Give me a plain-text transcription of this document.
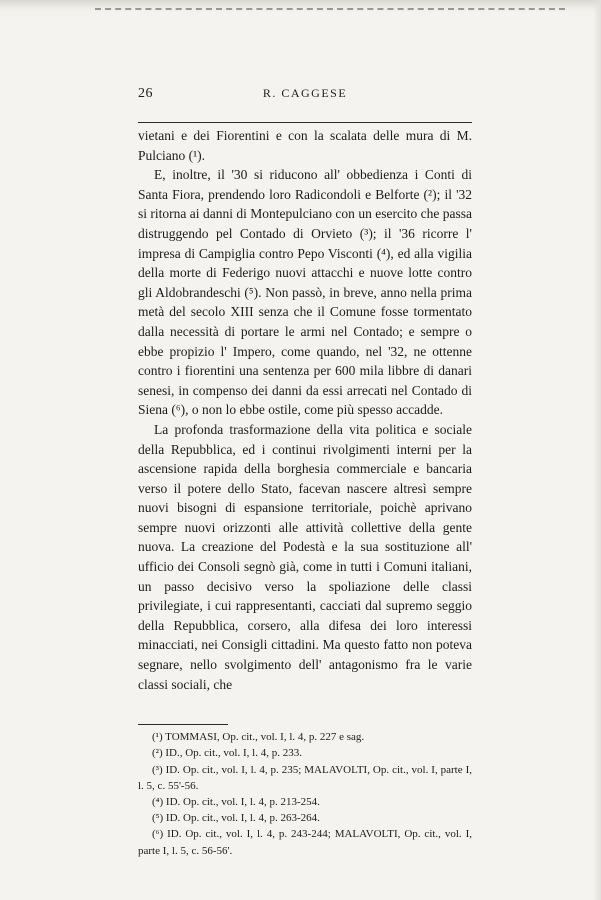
26	R. CAGGESE

vietani e dei Fiorentini e con la scalata delle mura di M. Pulciano (¹).

E, inoltre, il '30 si riducono all' obbedienza i Conti di Santa Fiora, prendendo loro Radicondoli e Belforte (²); il '32 si ritorna ai danni di Montepulciano con un esercito che passa distruggendo pel Contado di Orvieto (³); il '36 ricorre l' impresa di Campiglia contro Pepo Visconti (⁴), ed alla vigilia della morte di Federigo nuovi attacchi e nuove lotte contro gli Aldobrandeschi (⁵). Non passò, in breve, anno nella prima metà del secolo XIII senza che il Comune fosse tormentato dalla necessità di portare le armi nel Contado; e sempre o ebbe propizio l' Impero, come quando, nel '32, ne ottenne contro i fiorentini una sentenza per 600 mila libbre di danari senesi, in compenso dei danni da essi arrecati nel Contado di Siena (⁶), o non lo ebbe ostile, come più spesso accadde.

La profonda trasformazione della vita politica e sociale della Repubblica, ed i continui rivolgimenti interni per la ascensione rapida della borghesia commerciale e bancaria verso il potere dello Stato, facevan nascere altresì sempre nuovi bisogni di espansione territoriale, poichè aprivano sempre nuovi orizzonti alle attività collettive della gente nuova. La creazione del Podestà e la sua sostituzione all' ufficio dei Consoli segnò già, come in tutti i Comuni italiani, un passo decisivo verso la spoliazione delle classi privilegiate, i cui rappresentanti, cacciati dal supremo seggio della Repubblica, corsero, alla difesa dei loro interessi minacciati, nei Consigli cittadini. Ma questo fatto non poteva segnare, nello svolgimento dell' antagonismo fra le varie classi sociali, che

(¹) TOMMASI, Op. cit., vol. I, l. 4, p. 227 e sag.

(²) ID., Op. cit., vol. I, l. 4, p. 233.

(³) ID. Op. cit., vol. I, l. 4, p. 235; MALAVOLTI, Op. cit., vol. I, parte I, l. 5, c. 55'-56.

(⁴) ID. Op. cit., vol. I, l. 4, p. 213-254.

(⁵) ID. Op. cit., vol. I, l. 4, p. 263-264.

(⁶) ID. Op. cit., vol. I, l. 4, p. 243-244; MALAVOLTI, Op. cit., vol. I, parte I, l. 5, c. 56-56'.
